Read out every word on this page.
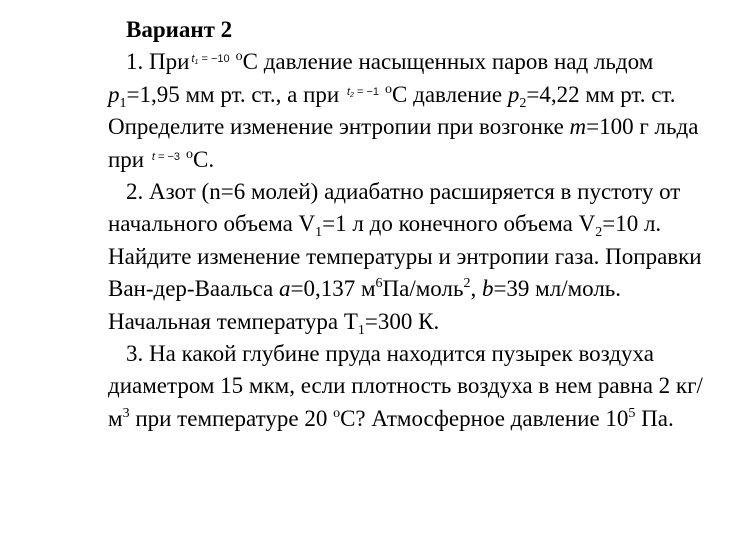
Вариант 2

1. При t1 = −10 $^о$С давление насыщенных паров над льдом $p_1=1,95$ мм рт. ст., а при t2 = −1 $^о$С давление $p_2=4,22$ мм рт. ст. Определите изменение энтропии при возгонке m=100 г льда при t = −3 $^о$С.

2. Азот (n=6 молей) адиабатно расширяется в пустоту от начального объема $V_1=1$ л до конечного объема $V_2=10$ л. Найдите изменение температуры и энтропии газа. Поправки Ван-дер-Ваальса a=0,137 $м^6Па/моль^2$, b=39 мл/моль. Начальная температура $T_1=300$ К.

3. На какой глубине пруда находится пузырек воздуха диаметром 15 мкм, если плотность воздуха в нем равна 2 $кг/м^3$ при температуре 20 $^о$С? Атмосферное давление $10^5$ Па.
